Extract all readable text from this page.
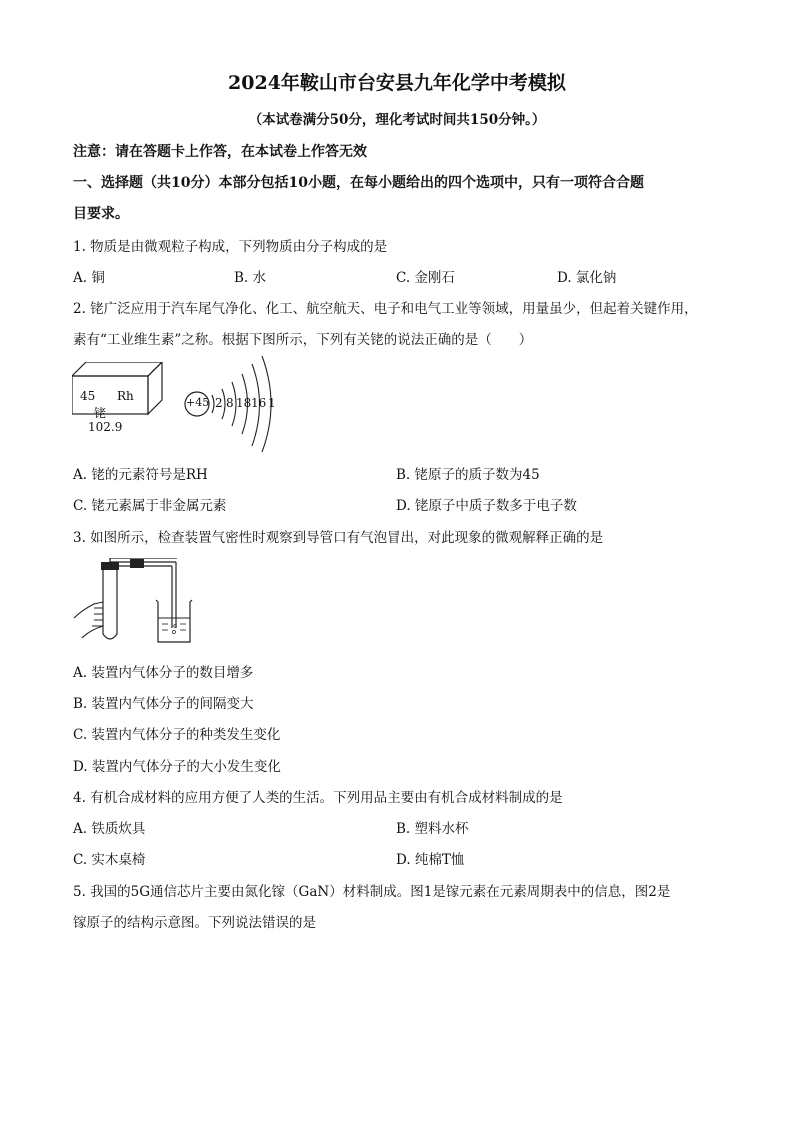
2024年鞍山市台安县九年化学中考模拟
（本试卷满分50分，理化考试时间共150分钟。）
注意：请在答题卡上作答，在本试卷上作答无效
一、选择题（共10分）本部分包括10小题，在每小题给出的四个选项中，只有一项符合合题
目要求。
1. 物质是由微观粒子构成，下列物质由分子构成的是
A. 铜	B. 水	C. 金刚石	D. 氯化钠
2. 铑广泛应用于汽车尾气净化、化工、航空航天、电子和电气工业等领域，用量虽少，但起着关键作用，
素有“工业维生素”之称。根据下图所示，下列有关铑的说法正确的是（　　）
45 Rh
铑
102.9
+45 2 8 18 16 1
A. 铑的元素符号是RH	B. 铑原子的质子数为45
C. 铑元素属于非金属元素	D. 铑原子中质子数多于电子数
3. 如图所示，检查装置气密性时观察到导管口有气泡冒出，对此现象的微观解释正确的是
A. 装置内气体分子的数目增多
B. 装置内气体分子的间隔变大
C. 装置内气体分子的种类发生变化
D. 装置内气体分子的大小发生变化
4. 有机合成材料的应用方便了人类的生活。下列用品主要由有机合成材料制成的是
A. 铁质炊具	B. 塑料水杯
C. 实木桌椅	D. 纯棉T恤
5. 我国的5G通信芯片主要由氮化镓（GaN）材料制成。图1是镓元素在元素周期表中的信息，图2是
镓原子的结构示意图。下列说法错误的是
